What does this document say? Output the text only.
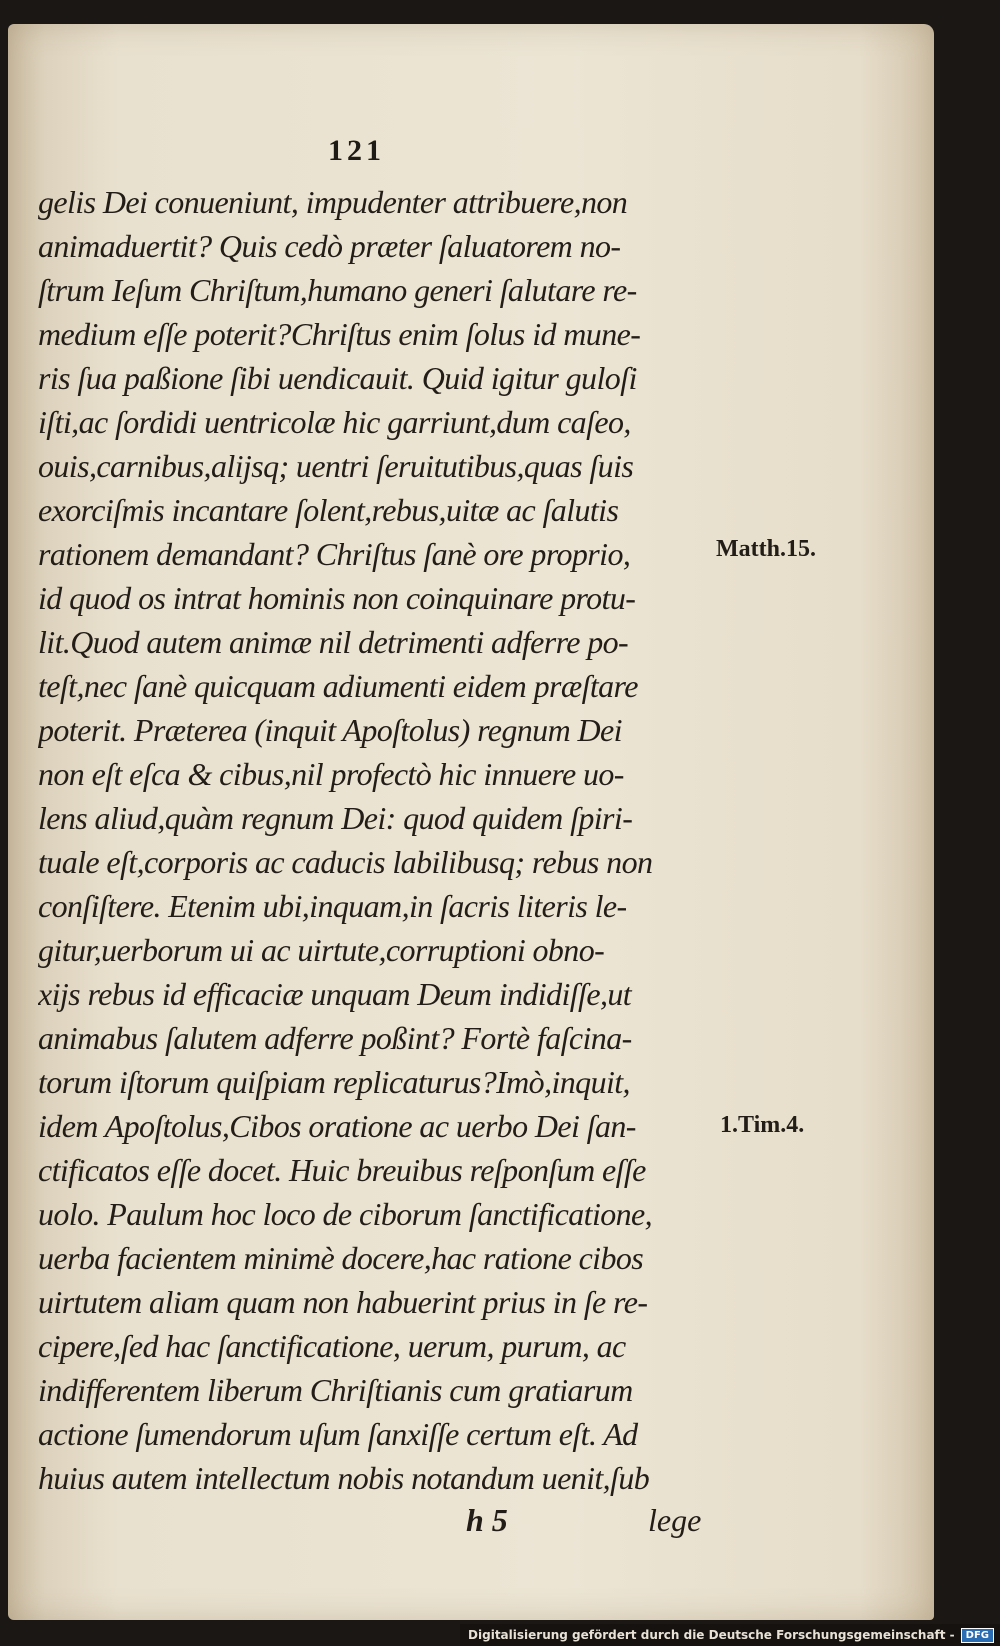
121
gelis Dei conueniunt, impudenter attribuere,non
animaduertit? Quis cedò præter ſaluatorem no-
ſtrum Ieſum Chriſtum,humano generi ſalutare re-
medium eſſe poterit?Chriſtus enim ſolus id mune-
ris ſua paßione ſibi uendicauit. Quid igitur guloſi
iſti,ac ſordidi uentricolæ hic garriunt,dum caſeo,
ouis,carnibus,alijsq; uentri ſeruitutibus,quas ſuis
exorciſmis incantare ſolent,rebus,uitæ ac ſalutis
rationem demandant? Chriſtus ſanè ore proprio,
id quod os intrat hominis non coinquinare protu-
lit.Quod autem animæ nil detrimenti adferre po-
teſt,nec ſanè quicquam adiumenti eidem præſtare
poterit. Præterea (inquit Apoſtolus) regnum Dei
non eſt eſca & cibus,nil profectò hic innuere uo-
lens aliud,quàm regnum Dei: quod quidem ſpiri-
tuale eſt,corporis ac caducis labilibusq; rebus non
conſiſtere. Etenim ubi,inquam,in ſacris literis le-
gitur,uerborum ui ac uirtute,corruptioni obno-
xijs rebus id efficaciæ unquam Deum indidiſſe,ut
animabus ſalutem adferre poßint? Fortè faſcina-
torum iſtorum quiſpiam replicaturus?Imò,inquit,
idem Apoſtolus,Cibos oratione ac uerbo Dei ſan-
ctificatos eſſe docet. Huic breuibus reſponſum eſſe
uolo. Paulum hoc loco de ciborum ſanctificatione,
uerba facientem minimè docere,hac ratione cibos
uirtutem aliam quam non habuerint prius in ſe re-
cipere,ſed hac ſanctificatione, uerum, purum, ac
indifferentem liberum Chriſtianis cum gratiarum
actione ſumendorum uſum ſanxiſſe certum eſt. Ad
huius autem intellectum nobis notandum uenit,ſub
Matth.15.
1.Tim.4.
h 5	lege
Digitalisierung gefördert durch die Deutsche Forschungsgemeinschaft -	DFG
